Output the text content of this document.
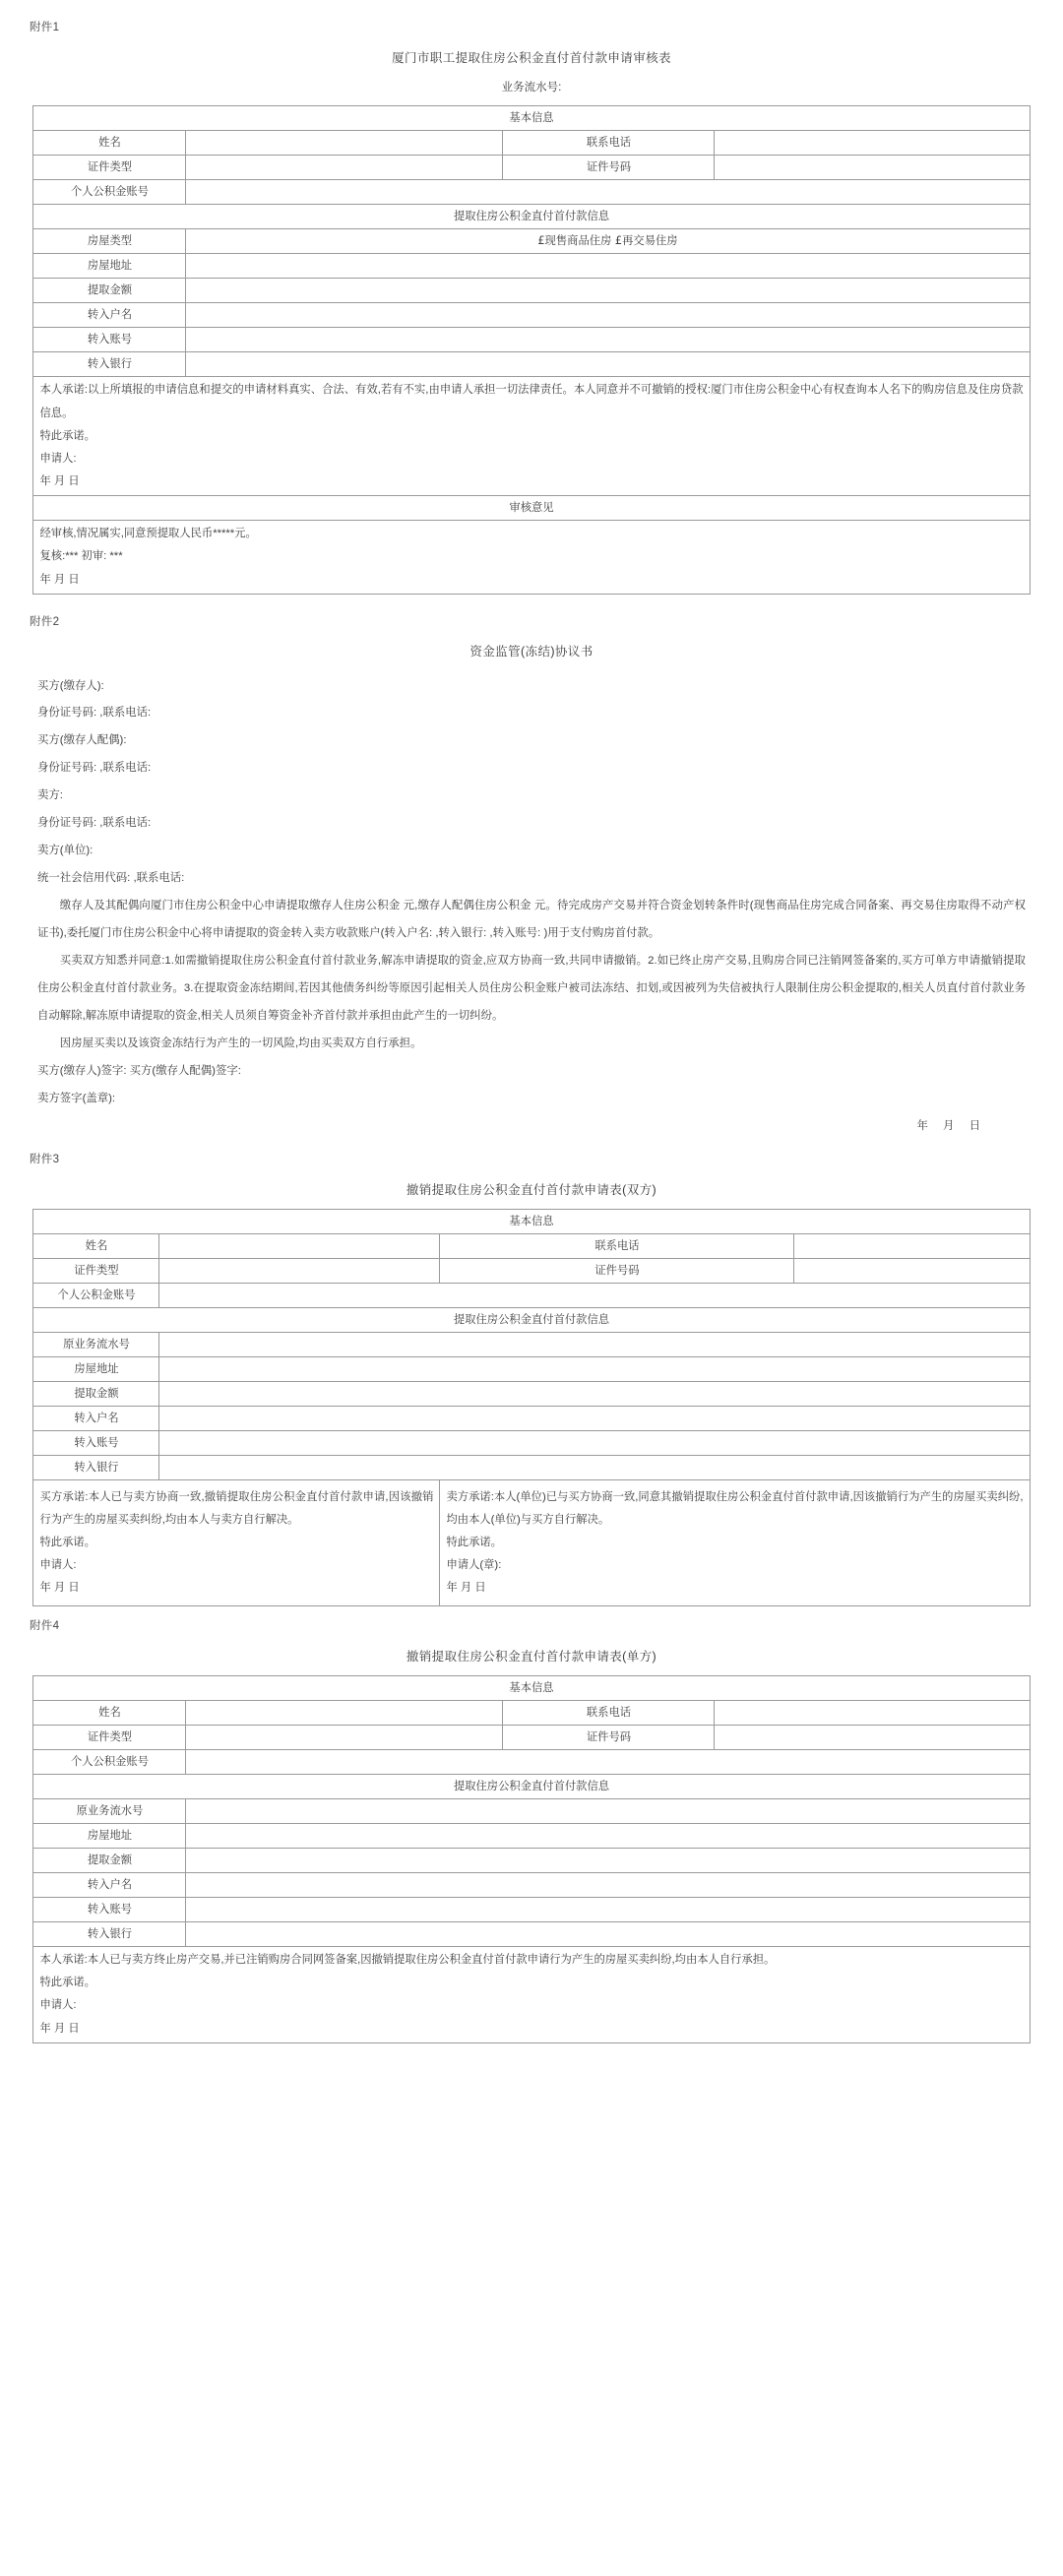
附件1
厦门市职工提取住房公积金直付首付款申请审核表
业务流水号:
基本信息			
姓名		联系电话	
证件类型		证件号码	
个人公积金账号			
提取住房公积金直付首付款信息			
房屋类型	£现售商品住房 £再交易住房		
房屋地址			
提取金额			
转入户名			
转入账号			
转入银行			

本人承诺:以上所填报的申请信息和提交的申请材料真实、合法、有效,若有不实,由申请人承担一切法律责任。本人同意并不可撤销的授权:厦门市住房公积金中心有权查询本人名下的购房信息及住房贷款信息。

特此承诺。

申请人:

年 月 日			

审核意见			

经审核,情况属实,同意预提取人民币*****元。

复核:*** 初审: ***

年 月 日			

附件2
资金监管(冻结)协议书

买方(缴存人):

身份证号码: ,联系电话:

买方(缴存人配偶):

身份证号码: ,联系电话:

卖方:

身份证号码: ,联系电话:

卖方(单位):

统一社会信用代码: ,联系电话:

缴存人及其配偶向厦门市住房公积金中心申请提取缴存人住房公积金 元,缴存人配偶住房公积金 元。待完成房产交易并符合资金划转条件时(现售商品住房完成合同备案、再交易住房取得不动产权证书),委托厦门市住房公积金中心将申请提取的资金转入卖方收款账户(转入户名: ,转入银行: ,转入账号: )用于支付购房首付款。

买卖双方知悉并同意:1.如需撤销提取住房公积金直付首付款业务,解冻申请提取的资金,应双方协商一致,共同申请撤销。2.如已终止房产交易,且购房合同已注销网签备案的,买方可单方申请撤销提取住房公积金直付首付款业务。3.在提取资金冻结期间,若因其他债务纠纷等原因引起相关人员住房公积金账户被司法冻结、扣划,或因被列为失信被执行人限制住房公积金提取的,相关人员直付首付款业务自动解除,解冻原申请提取的资金,相关人员须自筹资金补齐首付款并承担由此产生的一切纠纷。

因房屋买卖以及该资金冻结行为产生的一切风险,均由买卖双方自行承担。

买方(缴存人)签字: 买方(缴存人配偶)签字:

卖方签字(盖章):

年 月 日

附件3
撤销提取住房公积金直付首付款申请表(双方)
基本信息			
姓名		联系电话	
证件类型		证件号码	
个人公积金账号			
提取住房公积金直付首付款信息			
原业务流水号			
房屋地址			
提取金额			
转入户名			
转入账号			
转入银行			

买方承诺:本人已与卖方协商一致,撤销提取住房公积金直付首付款申请,因该撤销行为产生的房屋买卖纠纷,均由本人与卖方自行解决。

特此承诺。

申请人:

年 月 日

卖方承诺:本人(单位)已与买方协商一致,同意其撤销提取住房公积金直付首付款申请,因该撤销行为产生的房屋买卖纠纷,均由本人(单位)与买方自行解决。

特此承诺。

申请人(章):

年 月 日

附件4
撤销提取住房公积金直付首付款申请表(单方)
基本信息			
姓名		联系电话	
证件类型		证件号码	
个人公积金账号			
提取住房公积金直付首付款信息			
原业务流水号			
房屋地址			
提取金额			
转入户名			
转入账号			
转入银行			

本人承诺:本人已与卖方终止房产交易,并已注销购房合同网签备案,因撤销提取住房公积金直付首付款申请行为产生的房屋买卖纠纷,均由本人自行承担。

特此承诺。

申请人:

年 月 日			
